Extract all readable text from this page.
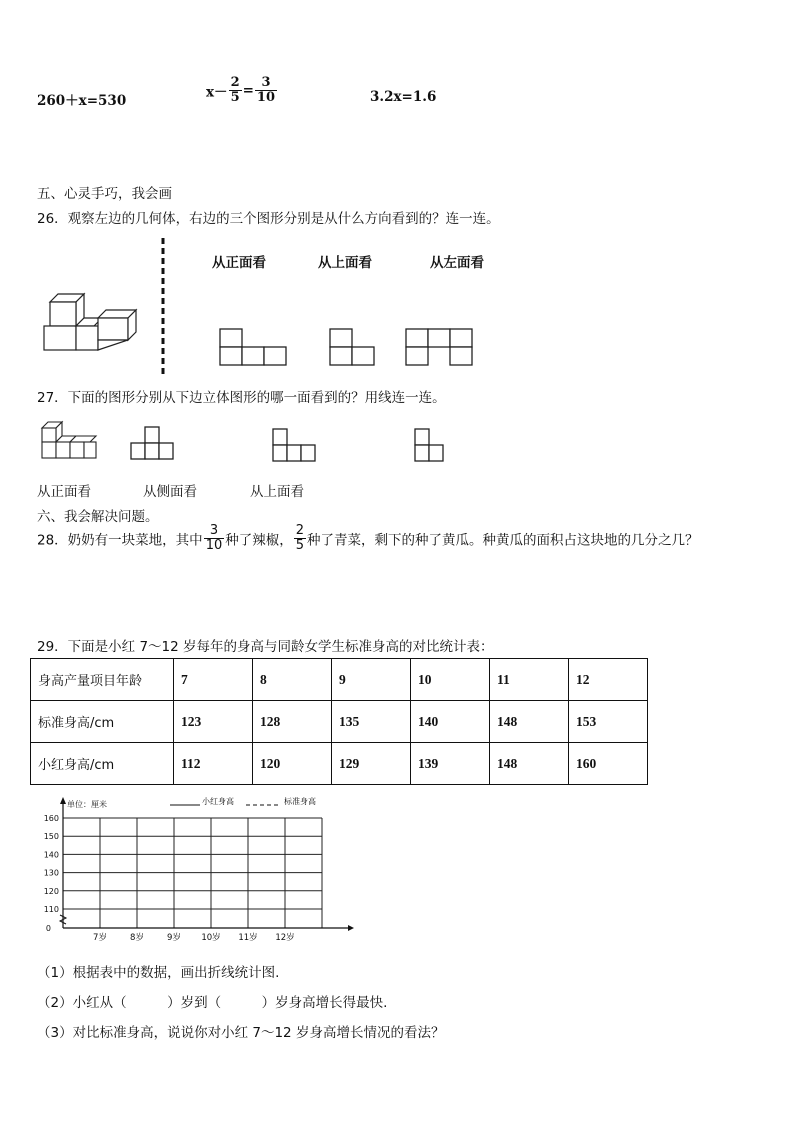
260＋x=530
$x- \frac{2}{5} = \frac{3}{10}$	3.2x=1.6
五、心灵手巧，我会画
26．观察左边的几何体，右边的三个图形分别是从什么方向看到的？连一连。
从正面看	从上面看	从左面看
27．下面的图形分别从下边立体图形的哪一面看到的？用线连一连。
从正面看	从侧面看	从上面看
六、我会解决问题。
28．奶奶有一块菜地，其中 $\frac{3}{10}$ 种了辣椒， $\frac{2}{5}$ 种了青菜，剩下的种了黄瓜。种黄瓜的面积占这块地的几分之几？
29．下面是小红 7～12 岁每年的身高与同龄女学生标准身高的对比统计表：
身高产量项目年龄	7	8	9	10	11	12
标准身高/cm	123	128	135	140	148	153
小红身高/cm	112	120	129	139	148	160
160
150
140
130
120
110
0
7岁	8岁	9岁 10岁 11岁 12岁
单位：厘米	小红身高	标准身高
（1）根据表中的数据，画出折线统计图.
（2）小红从（　　　）岁到（　　　）岁身高增长得最快.
（3）对比标准身高，说说你对小红 7～12 岁身高增长情况的看法？
